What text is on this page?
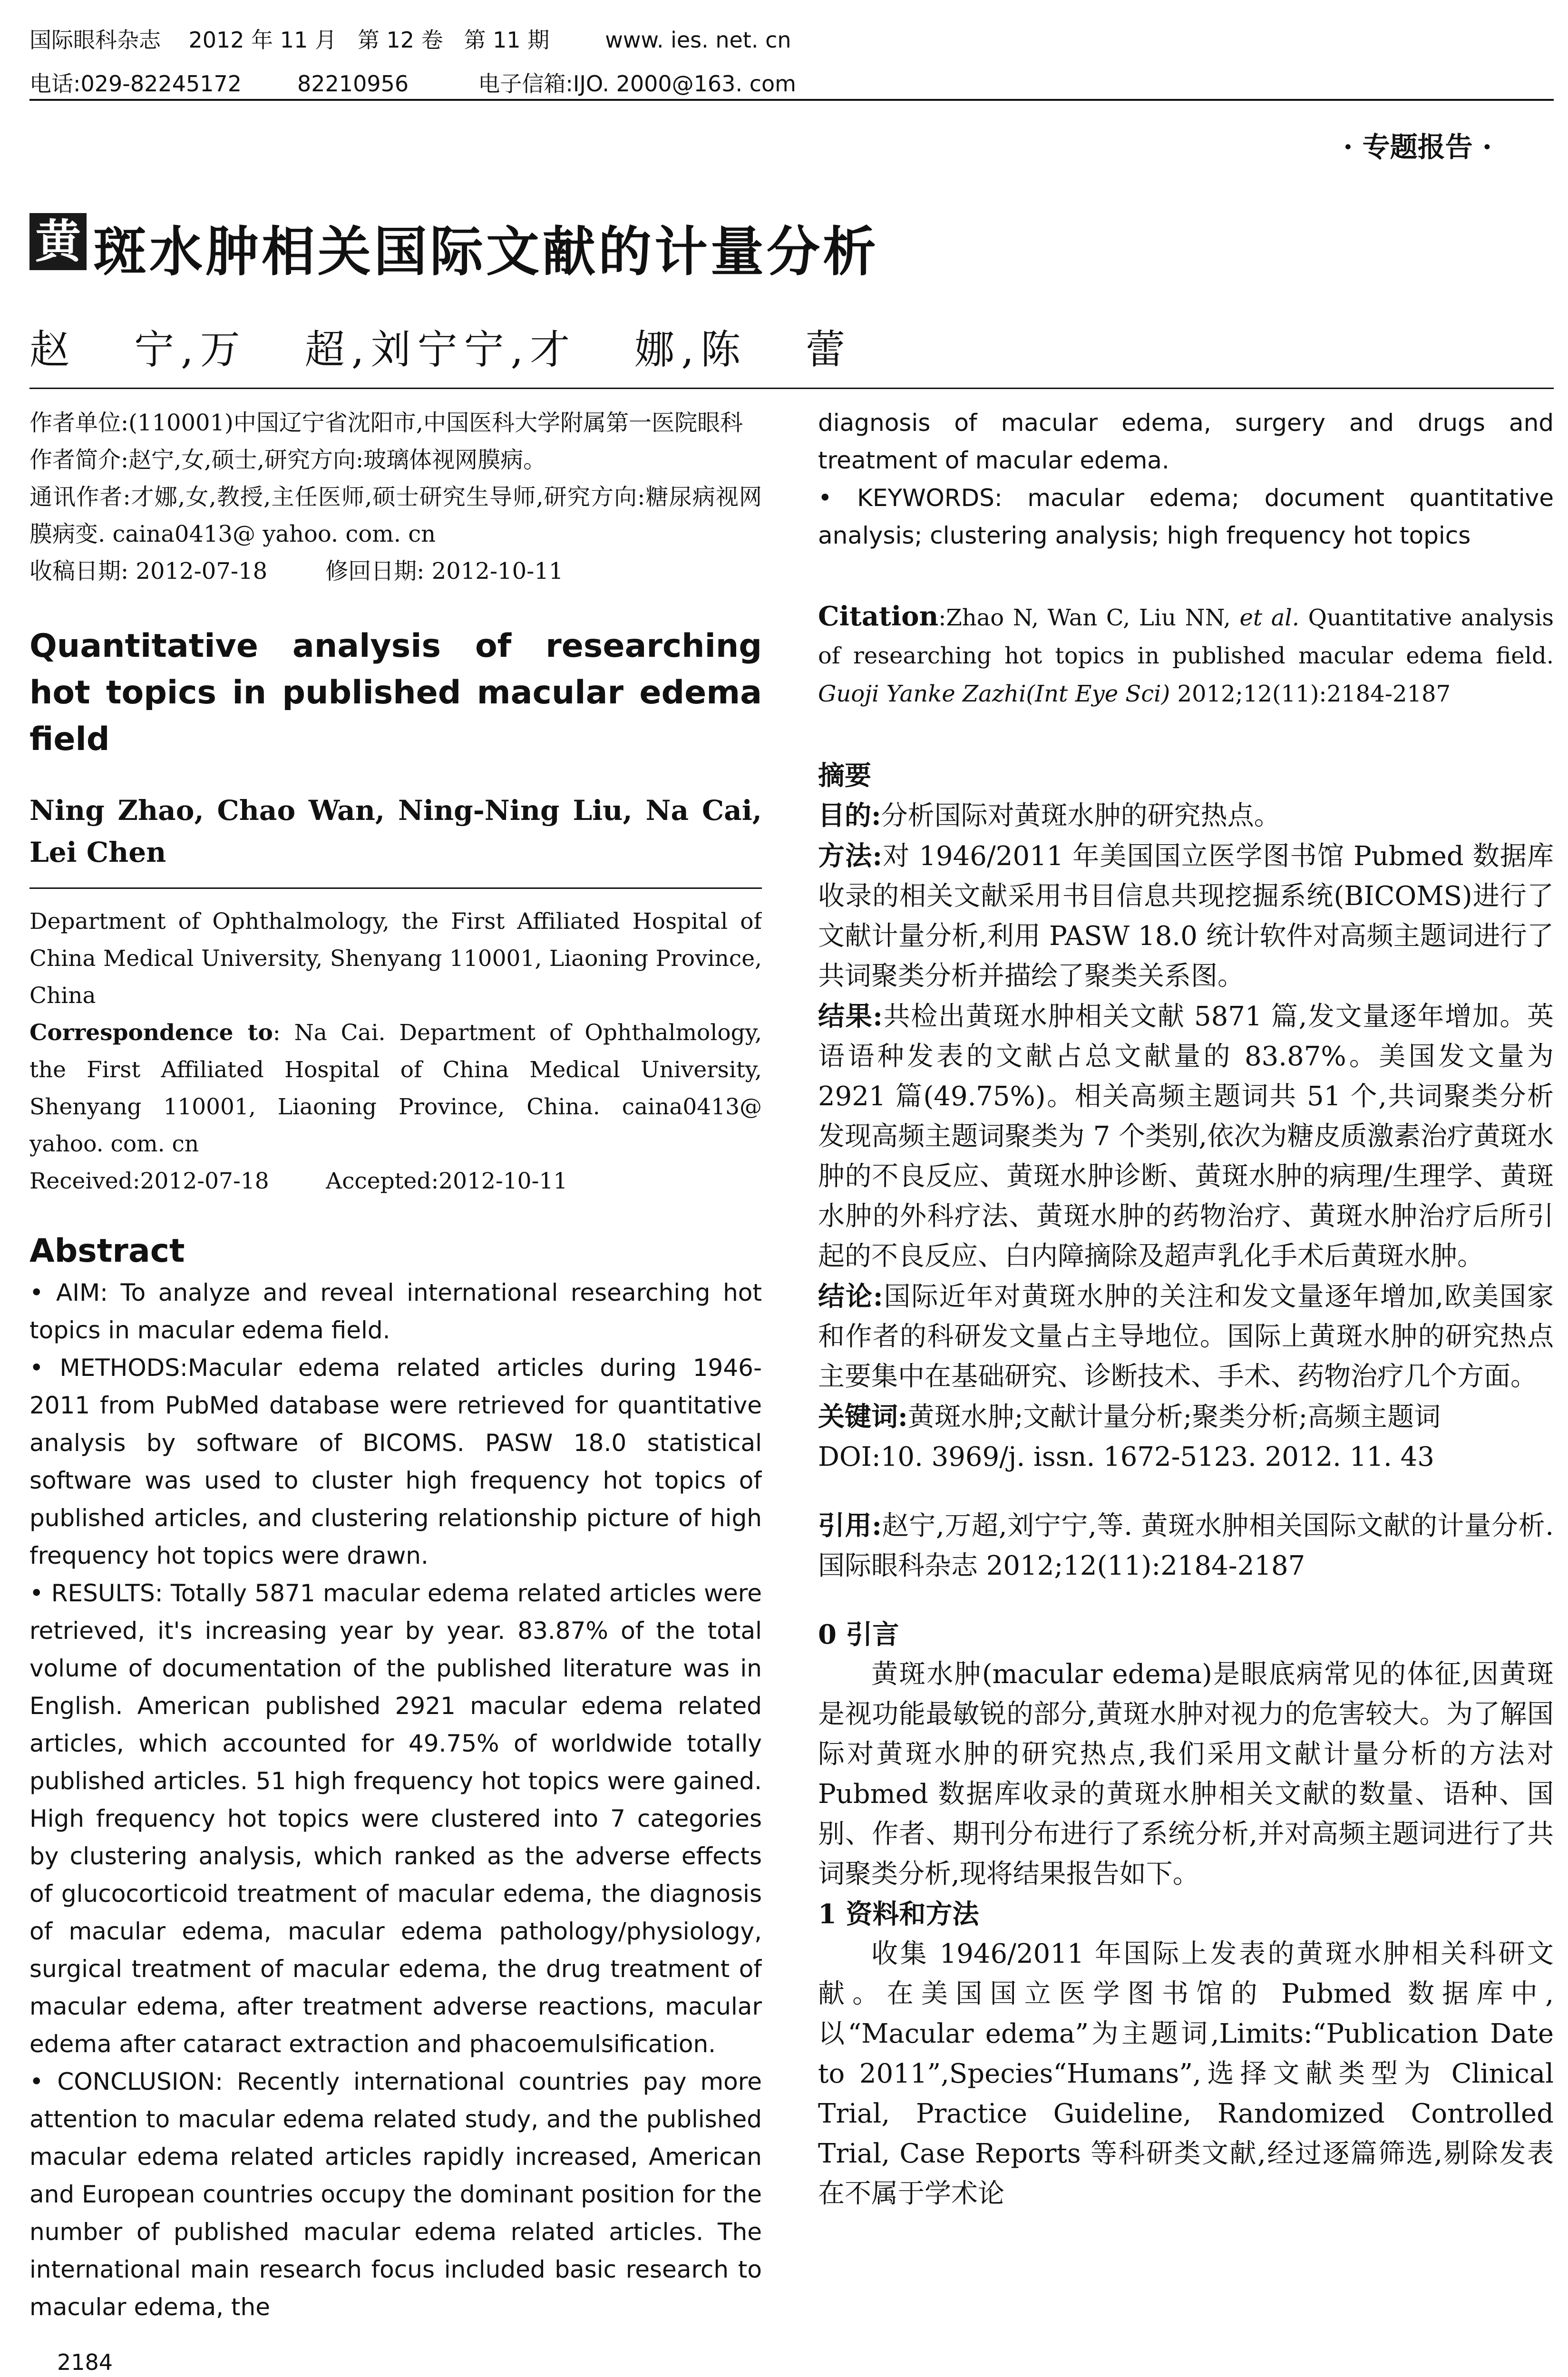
国际眼科杂志    2012 年 11 月   第 12 卷   第 11 期        www. ies. net. cn
电话:029-82245172        82210956          电子信箱:IJO. 2000@163. com
· 专题报告 ·
黄 斑水肿相关国际文献的计量分析
赵   宁,万   超,刘宁宁,才   娜,陈   蕾

作者单位:(110001)中国辽宁省沈阳市,中国医科大学附属第一医院眼科

作者简介:赵宁,女,硕士,研究方向:玻璃体视网膜病。

通讯作者:才娜,女,教授,主任医师,硕士研究生导师,研究方向:糖尿病视网膜病变. caina0413@ yahoo. com. cn

收稿日期: 2012-07-18        修回日期: 2012-10-11

Quantitative analysis of researching hot topics in published macular edema field

Ning Zhao, Chao Wan, Ning-Ning Liu, Na Cai, Lei Chen

Department of Ophthalmology, the First Affiliated Hospital of China Medical University, Shenyang 110001, Liaoning Province, China

Correspondence to: Na Cai. Department of Ophthalmology, the First Affiliated Hospital of China Medical University, Shenyang 110001, Liaoning Province, China. caina0413@ yahoo. com. cn

Received:2012-07-18        Accepted:2012-10-11

Abstract

• AIM: To analyze and reveal international researching hot topics in macular edema field.

• METHODS:Macular edema related articles during 1946-2011 from PubMed database were retrieved for quantitative analysis by software of BICOMS. PASW 18.0 statistical software was used to cluster high frequency hot topics of published articles, and clustering relationship picture of high frequency hot topics were drawn.

• RESULTS: Totally 5871 macular edema related articles were retrieved, it's increasing year by year. 83.87% of the total volume of documentation of the published literature was in English. American published 2921 macular edema related articles, which accounted for 49.75% of worldwide totally published articles. 51 high frequency hot topics were gained. High frequency hot topics were clustered into 7 categories by clustering analysis, which ranked as the adverse effects of glucocorticoid treatment of macular edema, the diagnosis of macular edema, macular edema pathology/physiology, surgical treatment of macular edema, the drug treatment of macular edema, after treatment adverse reactions, macular edema after cataract extraction and phacoemulsification.

• CONCLUSION: Recently international countries pay more attention to macular edema related study, and the published macular edema related articles rapidly increased, American and European countries occupy the dominant position for the number of published macular edema related articles. The international main research focus included basic research to macular edema, the

diagnosis of macular edema, surgery and drugs and treatment of macular edema.

• KEYWORDS: macular edema; document quantitative analysis; clustering analysis; high frequency hot topics

Citation:Zhao N, Wan C, Liu NN, et al. Quantitative analysis of researching hot topics in published macular edema field. Guoji Yanke Zazhi(Int Eye Sci) 2012;12(11):2184-2187

摘要

目的:分析国际对黄斑水肿的研究热点。

方法:对 1946/2011 年美国国立医学图书馆 Pubmed 数据库收录的相关文献采用书目信息共现挖掘系统(BICOMS)进行了文献计量分析,利用 PASW 18.0 统计软件对高频主题词进行了共词聚类分析并描绘了聚类关系图。

结果:共检出黄斑水肿相关文献 5871 篇,发文量逐年增加。英语语种发表的文献占总文献量的 83.87%。美国发文量为 2921 篇(49.75%)。相关高频主题词共 51 个,共词聚类分析发现高频主题词聚类为 7 个类别,依次为糖皮质激素治疗黄斑水肿的不良反应、黄斑水肿诊断、黄斑水肿的病理/生理学、黄斑水肿的外科疗法、黄斑水肿的药物治疗、黄斑水肿治疗后所引起的不良反应、白内障摘除及超声乳化手术后黄斑水肿。

结论:国际近年对黄斑水肿的关注和发文量逐年增加,欧美国家和作者的科研发文量占主导地位。国际上黄斑水肿的研究热点主要集中在基础研究、诊断技术、手术、药物治疗几个方面。

关键词:黄斑水肿;文献计量分析;聚类分析;高频主题词

DOI:10. 3969/j. issn. 1672-5123. 2012. 11. 43

引用:赵宁,万超,刘宁宁,等. 黄斑水肿相关国际文献的计量分析. 国际眼科杂志 2012;12(11):2184-2187

0 引言

黄斑水肿(macular edema)是眼底病常见的体征,因黄斑是视功能最敏锐的部分,黄斑水肿对视力的危害较大。为了解国际对黄斑水肿的研究热点,我们采用文献计量分析的方法对 Pubmed 数据库收录的黄斑水肿相关文献的数量、语种、国别、作者、期刊分布进行了系统分析,并对高频主题词进行了共词聚类分析,现将结果报告如下。

1 资料和方法

收集 1946/2011 年国际上发表的黄斑水肿相关科研文献。在美国国立医学图书馆的 Pubmed 数据库中,以“Macular edema”为主题词,Limits:“Publication Date to 2011”,Species“Humans”,选择文献类型为 Clinical Trial, Practice Guideline, Randomized Controlled Trial, Case Reports 等科研类文献,经过逐篇筛选,剔除发表在不属于学术论

2184
